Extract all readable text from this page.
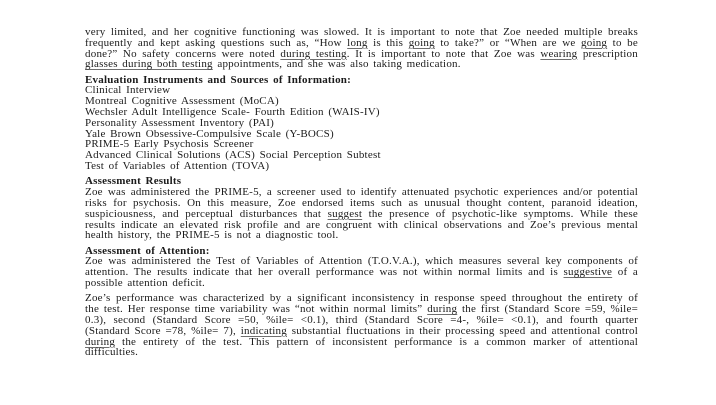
very limited, and her cognitive functioning was slowed. It is important to note that Zoe needed multiple breaks frequently and kept asking questions such as, “How long is this going to take?” or “When are we going to be done?” No safety concerns were noted during testing. It is important to note that Zoe was wearing prescription glasses during both testing appointments, and she was also taking medication.

Evaluation Instruments and Sources of Information:
Clinical Interview
Montreal Cognitive Assessment (MoCA)
Wechsler Adult Intelligence Scale- Fourth Edition (WAIS-IV)
Personality Assessment Inventory (PAI)
Yale Brown Obsessive-Compulsive Scale (Y-BOCS)
PRIME-5 Early Psychosis Screener
Advanced Clinical Solutions (ACS) Social Perception Subtest
Test of Variables of Attention (TOVA)
Assessment Results

Zoe was administered the PRIME-5, a screener used to identify attenuated psychotic experiences and/or potential risks for psychosis. On this measure, Zoe endorsed items such as unusual thought content, paranoid ideation, suspiciousness, and perceptual disturbances that suggest the presence of psychotic-like symptoms. While these results indicate an elevated risk profile and are congruent with clinical observations and Zoe’s previous mental health history, the PRIME-5 is not a diagnostic tool.

Assessment of Attention:

Zoe was administered the Test of Variables of Attention (T.O.V.A.), which measures several key components of attention. The results indicate that her overall performance was not within normal limits and is suggestive of a possible attention deficit.

Zoe’s performance was characterized by a significant inconsistency in response speed throughout the entirety of the test. Her response time variability was “not within normal limits” during the first (Standard Score =59, %ile= 0.3), second (Standard Score =50, %ile= <0.1), third (Standard Score =4-, %ile= <0.1), and fourth quarter (Standard Score =78, %ile= 7), indicating substantial fluctuations in their processing speed and attentional control during the entirety of the test. This pattern of inconsistent performance is a common marker of attentional difficulties.
